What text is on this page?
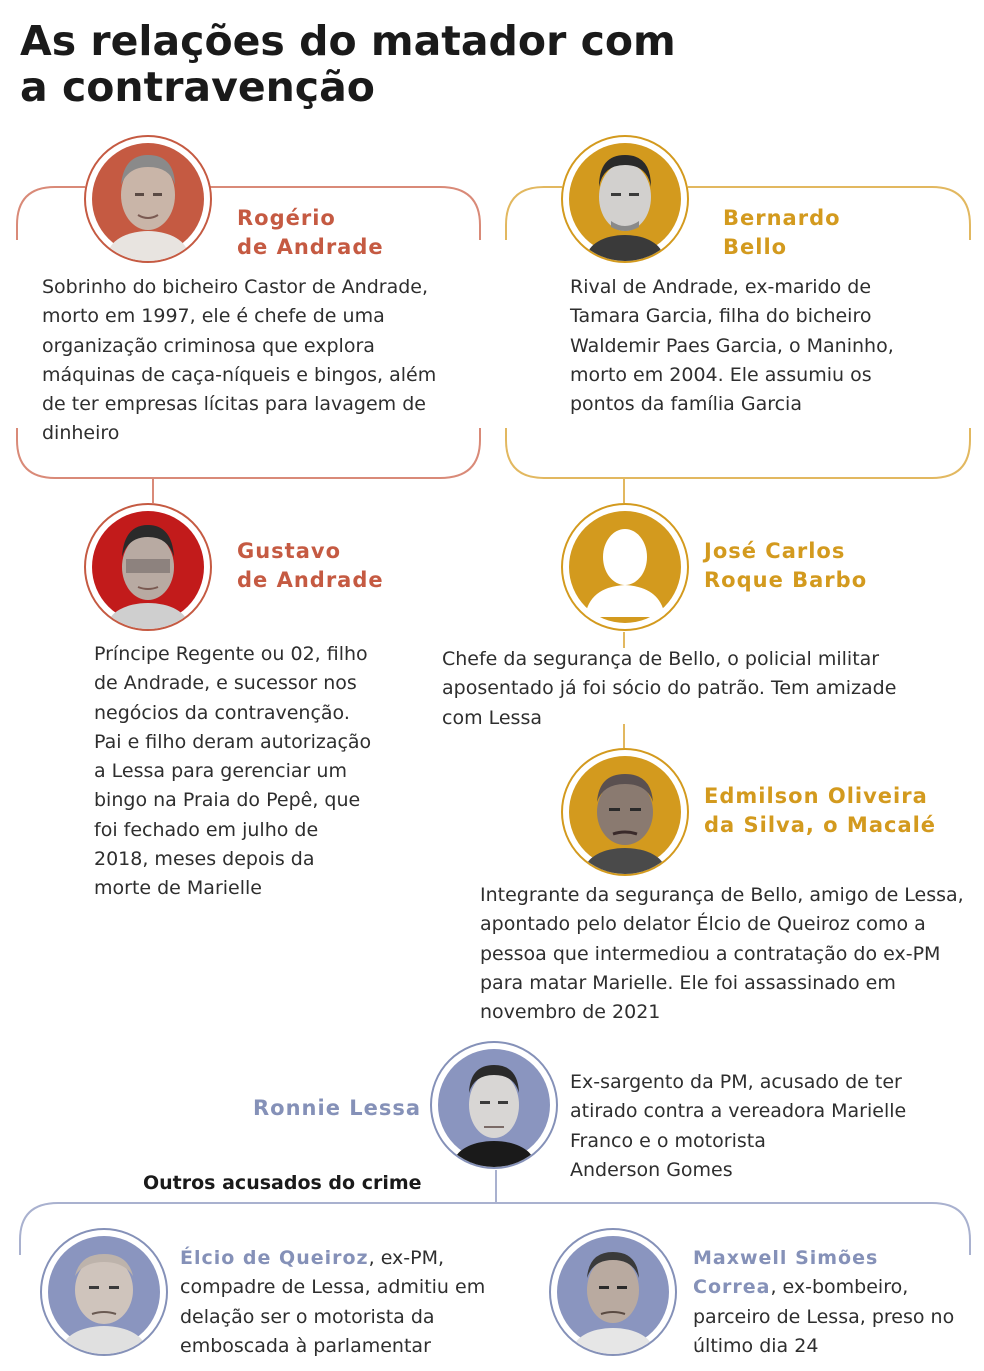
As relações do matador com
a contravenção
Rogério
de Andrade
Sobrinho do bicheiro Castor de Andrade,
morto em 1997, ele é chefe de uma
organização criminosa que explora
máquinas de caça-níqueis e bingos, além
de ter empresas lícitas para lavagem de
dinheiro
Bernardo
Bello
Rival de Andrade, ex-marido de
Tamara Garcia, filha do bicheiro
Waldemir Paes Garcia, o Maninho,
morto em 2004. Ele assumiu os
pontos da família Garcia
Gustavo
de Andrade
Príncipe Regente ou 02, filho
de Andrade, e sucessor nos
negócios da contravenção.
Pai e filho deram autorização
a Lessa para gerenciar um
bingo na Praia do Pepê, que
foi fechado em julho de
2018, meses depois da
morte de Marielle
José Carlos
Roque Barbo
Chefe da segurança de Bello, o policial militar
aposentado já foi sócio do patrão. Tem amizade
com Lessa
Edmilson Oliveira
da Silva, o Macalé
Integrante da segurança de Bello, amigo de Lessa,
apontado pelo delator Élcio de Queiroz como a
pessoa que intermediou a contratação do ex-PM
para matar Marielle. Ele foi assassinado em
novembro de 2021
Ronnie Lessa
Ex-sargento da PM, acusado de ter
atirado contra a vereadora Marielle
Franco e o motorista
Anderson Gomes
Outros acusados do crime
Élcio de Queiroz, ex-PM,
compadre de Lessa, admitiu em
delação ser o motorista da
emboscada à parlamentar
Maxwell Simões
Correa, ex-bombeiro,
parceiro de Lessa, preso no
último dia 24
